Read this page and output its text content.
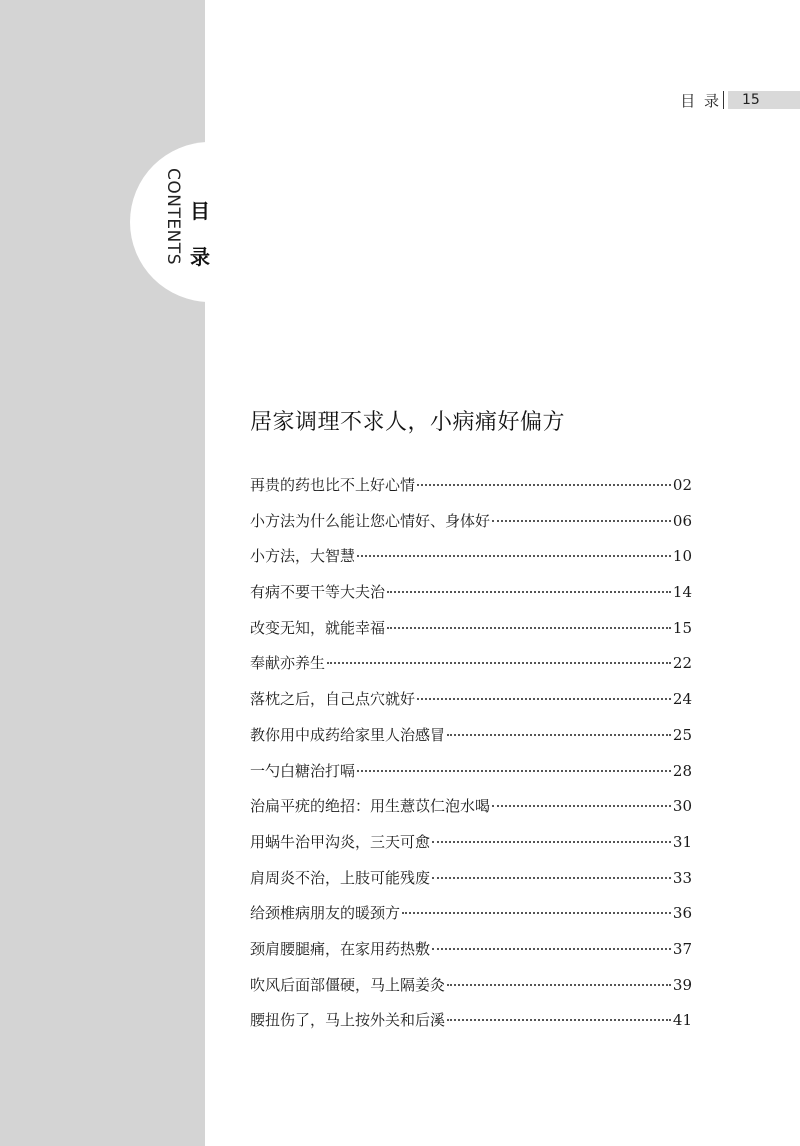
CONTENTS 目
录
目 录	15
居家调理不求人，小病痛好偏方
再贵的药也比不上好心情	02
小方法为什么能让您心情好、身体好	06
小方法，大智慧	10
有病不要干等大夫治	14
改变无知，就能幸福	15
奉献亦养生	22
落枕之后，自己点穴就好	24
教你用中成药给家里人治感冒	25
一勺白糖治打嗝	28
治扁平疣的绝招：用生薏苡仁泡水喝	30
用蜗牛治甲沟炎，三天可愈	31
肩周炎不治，上肢可能残废	33
给颈椎病朋友的暖颈方	36
颈肩腰腿痛，在家用药热敷	37
吹风后面部僵硬，马上隔姜灸	39
腰扭伤了，马上按外关和后溪	41
